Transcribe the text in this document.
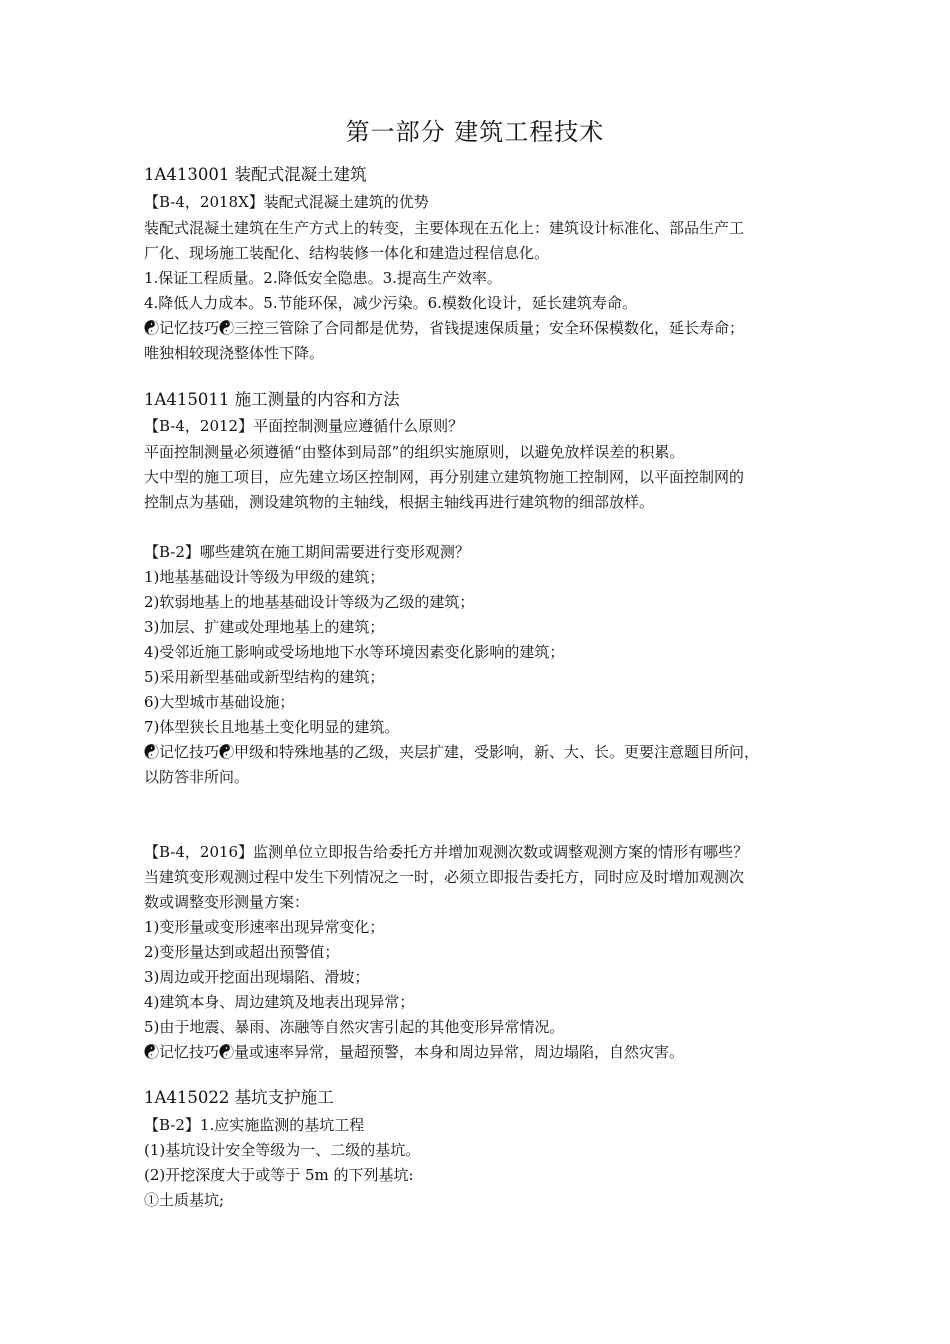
第一部分 建筑工程技术
1A413001 装配式混凝土建筑
【B-4，2018X】装配式混凝土建筑的优势
装配式混凝土建筑在生产方式上的转变，主要体现在五化上：建筑设计标准化、部品生产工
厂化、现场施工装配化、结构装修一体化和建造过程信息化。
1.保证工程质量。2.降低安全隐患。3.提高生产效率。
4.降低人力成本。5.节能环保，减少污染。6.模数化设计，延长建筑寿命。
☯记忆技巧☯三控三管除了合同都是优势，省钱提速保质量；安全环保模数化，延长寿命；
唯独相较现浇整体性下降。
1A415011 施工测量的内容和方法
【B-4，2012】平面控制测量应遵循什么原则？
平面控制测量必须遵循“由整体到局部”的组织实施原则，以避免放样误差的积累。
大中型的施工项目，应先建立场区控制网，再分别建立建筑物施工控制网，以平面控制网的
控制点为基础，测设建筑物的主轴线，根据主轴线再进行建筑物的细部放样。
【B-2】哪些建筑在施工期间需要进行变形观测？
1)地基基础设计等级为甲级的建筑；
2)软弱地基上的地基基础设计等级为乙级的建筑；
3)加层、扩建或处理地基上的建筑；
4)受邻近施工影响或受场地地下水等环境因素变化影响的建筑；
5)采用新型基础或新型结构的建筑；
6)大型城市基础设施；
7)体型狭长且地基土变化明显的建筑。
☯记忆技巧☯甲级和特殊地基的乙级，夹层扩建，受影响，新、大、长。更要注意题目所问，
以防答非所问。
【B-4，2016】监测单位立即报告给委托方并增加观测次数或调整观测方案的情形有哪些？
当建筑变形观测过程中发生下列情况之一时，必须立即报告委托方，同时应及时增加观测次
数或调整变形测量方案：
1)变形量或变形速率出现异常变化；
2)变形量达到或超出预警值；
3)周边或开挖面出现塌陷、滑坡；
4)建筑本身、周边建筑及地表出现异常；
5)由于地震、暴雨、冻融等自然灾害引起的其他变形异常情况。
☯记忆技巧☯量或速率异常，量超预警，本身和周边异常，周边塌陷，自然灾害。
1A415022 基坑支护施工
【B-2】1.应实施监测的基坑工程
(1)基坑设计安全等级为一、二级的基坑。
(2)开挖深度大于或等于 5m 的下列基坑:
①土质基坑;
